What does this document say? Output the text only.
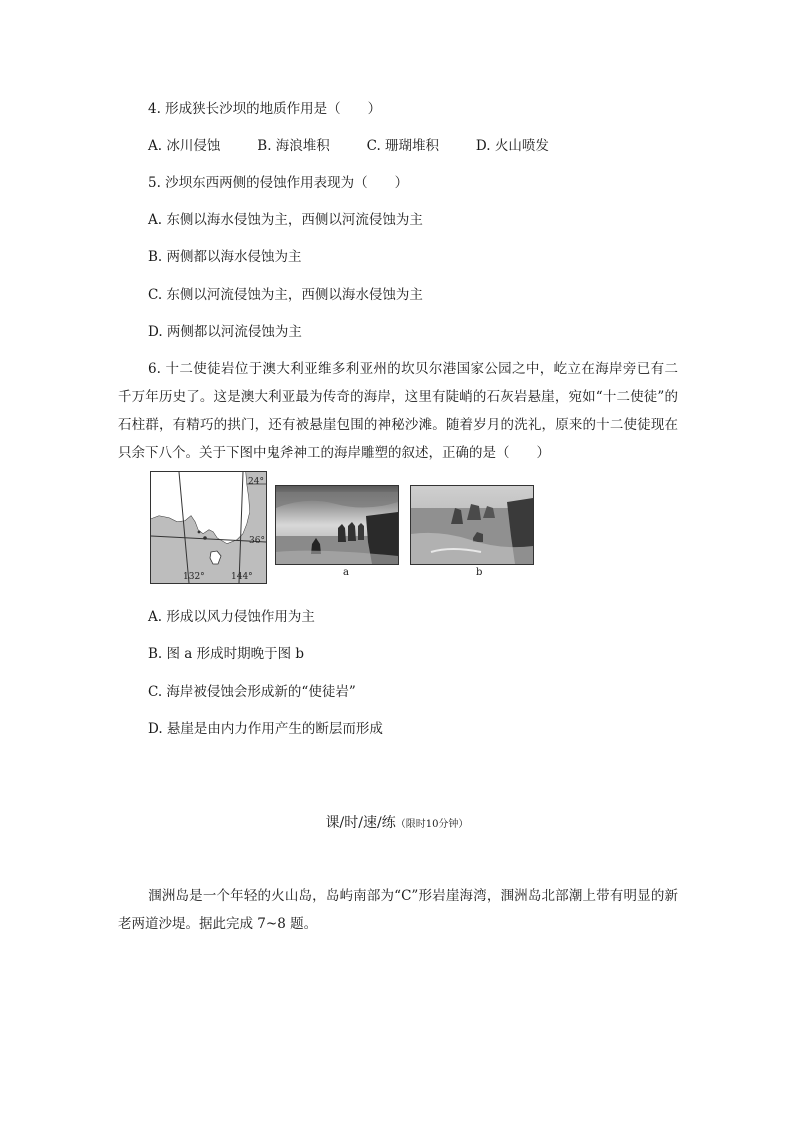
4. 形成狭长沙坝的地质作用是（　　）
A. 冰川侵蚀	B. 海浪堆积	C. 珊瑚堆积	D. 火山喷发
5. 沙坝东西两侧的侵蚀作用表现为（　　）
A. 东侧以海水侵蚀为主，西侧以河流侵蚀为主
B. 两侧都以海水侵蚀为主
C. 东侧以河流侵蚀为主，西侧以海水侵蚀为主
D. 两侧都以河流侵蚀为主
6. 十二使徒岩位于澳大利亚维多利亚州的坎贝尔港国家公园之中，屹立在海岸旁已有二千万年历史了。这是澳大利亚最为传奇的海岸，这里有陡峭的石灰岩悬崖，宛如“十二使徒”的石柱群，有精巧的拱门，还有被悬崖包围的神秘沙滩。随着岁月的洗礼，原来的十二使徒现在只余下八个。关于下图中鬼斧神工的海岸雕塑的叙述，正确的是（　　）
24°
36°
132°	144°	a	b
A. 形成以风力侵蚀作用为主
B. 图 a 形成时期晚于图 b
C. 海岸被侵蚀会形成新的“使徒岩”
D. 悬崖是由内力作用产生的断层而形成
课/时/速/练（限时10分钟）
涠洲岛是一个年轻的火山岛，岛屿南部为“C”形岩崖海湾，涠洲岛北部潮上带有明显的新老两道沙堤。据此完成 7~8 题。
